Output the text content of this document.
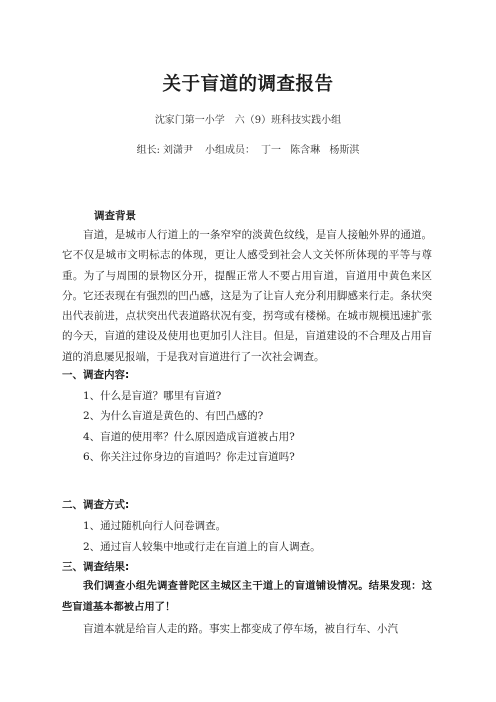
关于盲道的调查报告
沈家门第一小学　六（9）班科技实践小组
组长: 刘潇尹 小组成员： 丁一 陈含琳 杨斯淇
调查背景
盲道，是城市人行道上的一条窄窄的淡黄色纹线，是盲人接触外界的通道。它不仅是城市文明标志的体现，更让人感受到社会人文关怀所体现的平等与尊重。为了与周围的景物区分开，提醒正常人不要占用盲道，盲道用中黄色来区分。它还表现在有强烈的凹凸感，这是为了让盲人充分利用脚感来行走。条状突出代表前进，点状突出代表道路状况有变，拐弯或有楼梯。在城市规模迅速扩张的今天，盲道的建设及使用也更加引人注目。但是，盲道建设的不合理及占用盲道的消息屡见报端，于是我对盲道进行了一次社会调查。
一、调查内容:
1、什么是盲道？哪里有盲道?
2、为什么盲道是黄色的、有凹凸感的?
4、盲道的使用率？什么原因造成盲道被占用?
6、你关注过你身边的盲道吗？你走过盲道吗?
二、调查方式:
1、通过随机向行人问卷调查。
2、通过盲人较集中地或行走在盲道上的盲人调查。
三、调查结果:
我们调查小组先调查普陀区主城区主干道上的盲道铺设情况。结果发现：这些盲道基本都被占用了！
盲道本就是给盲人走的路。事实上都变成了停车场，被自行车、小汽
